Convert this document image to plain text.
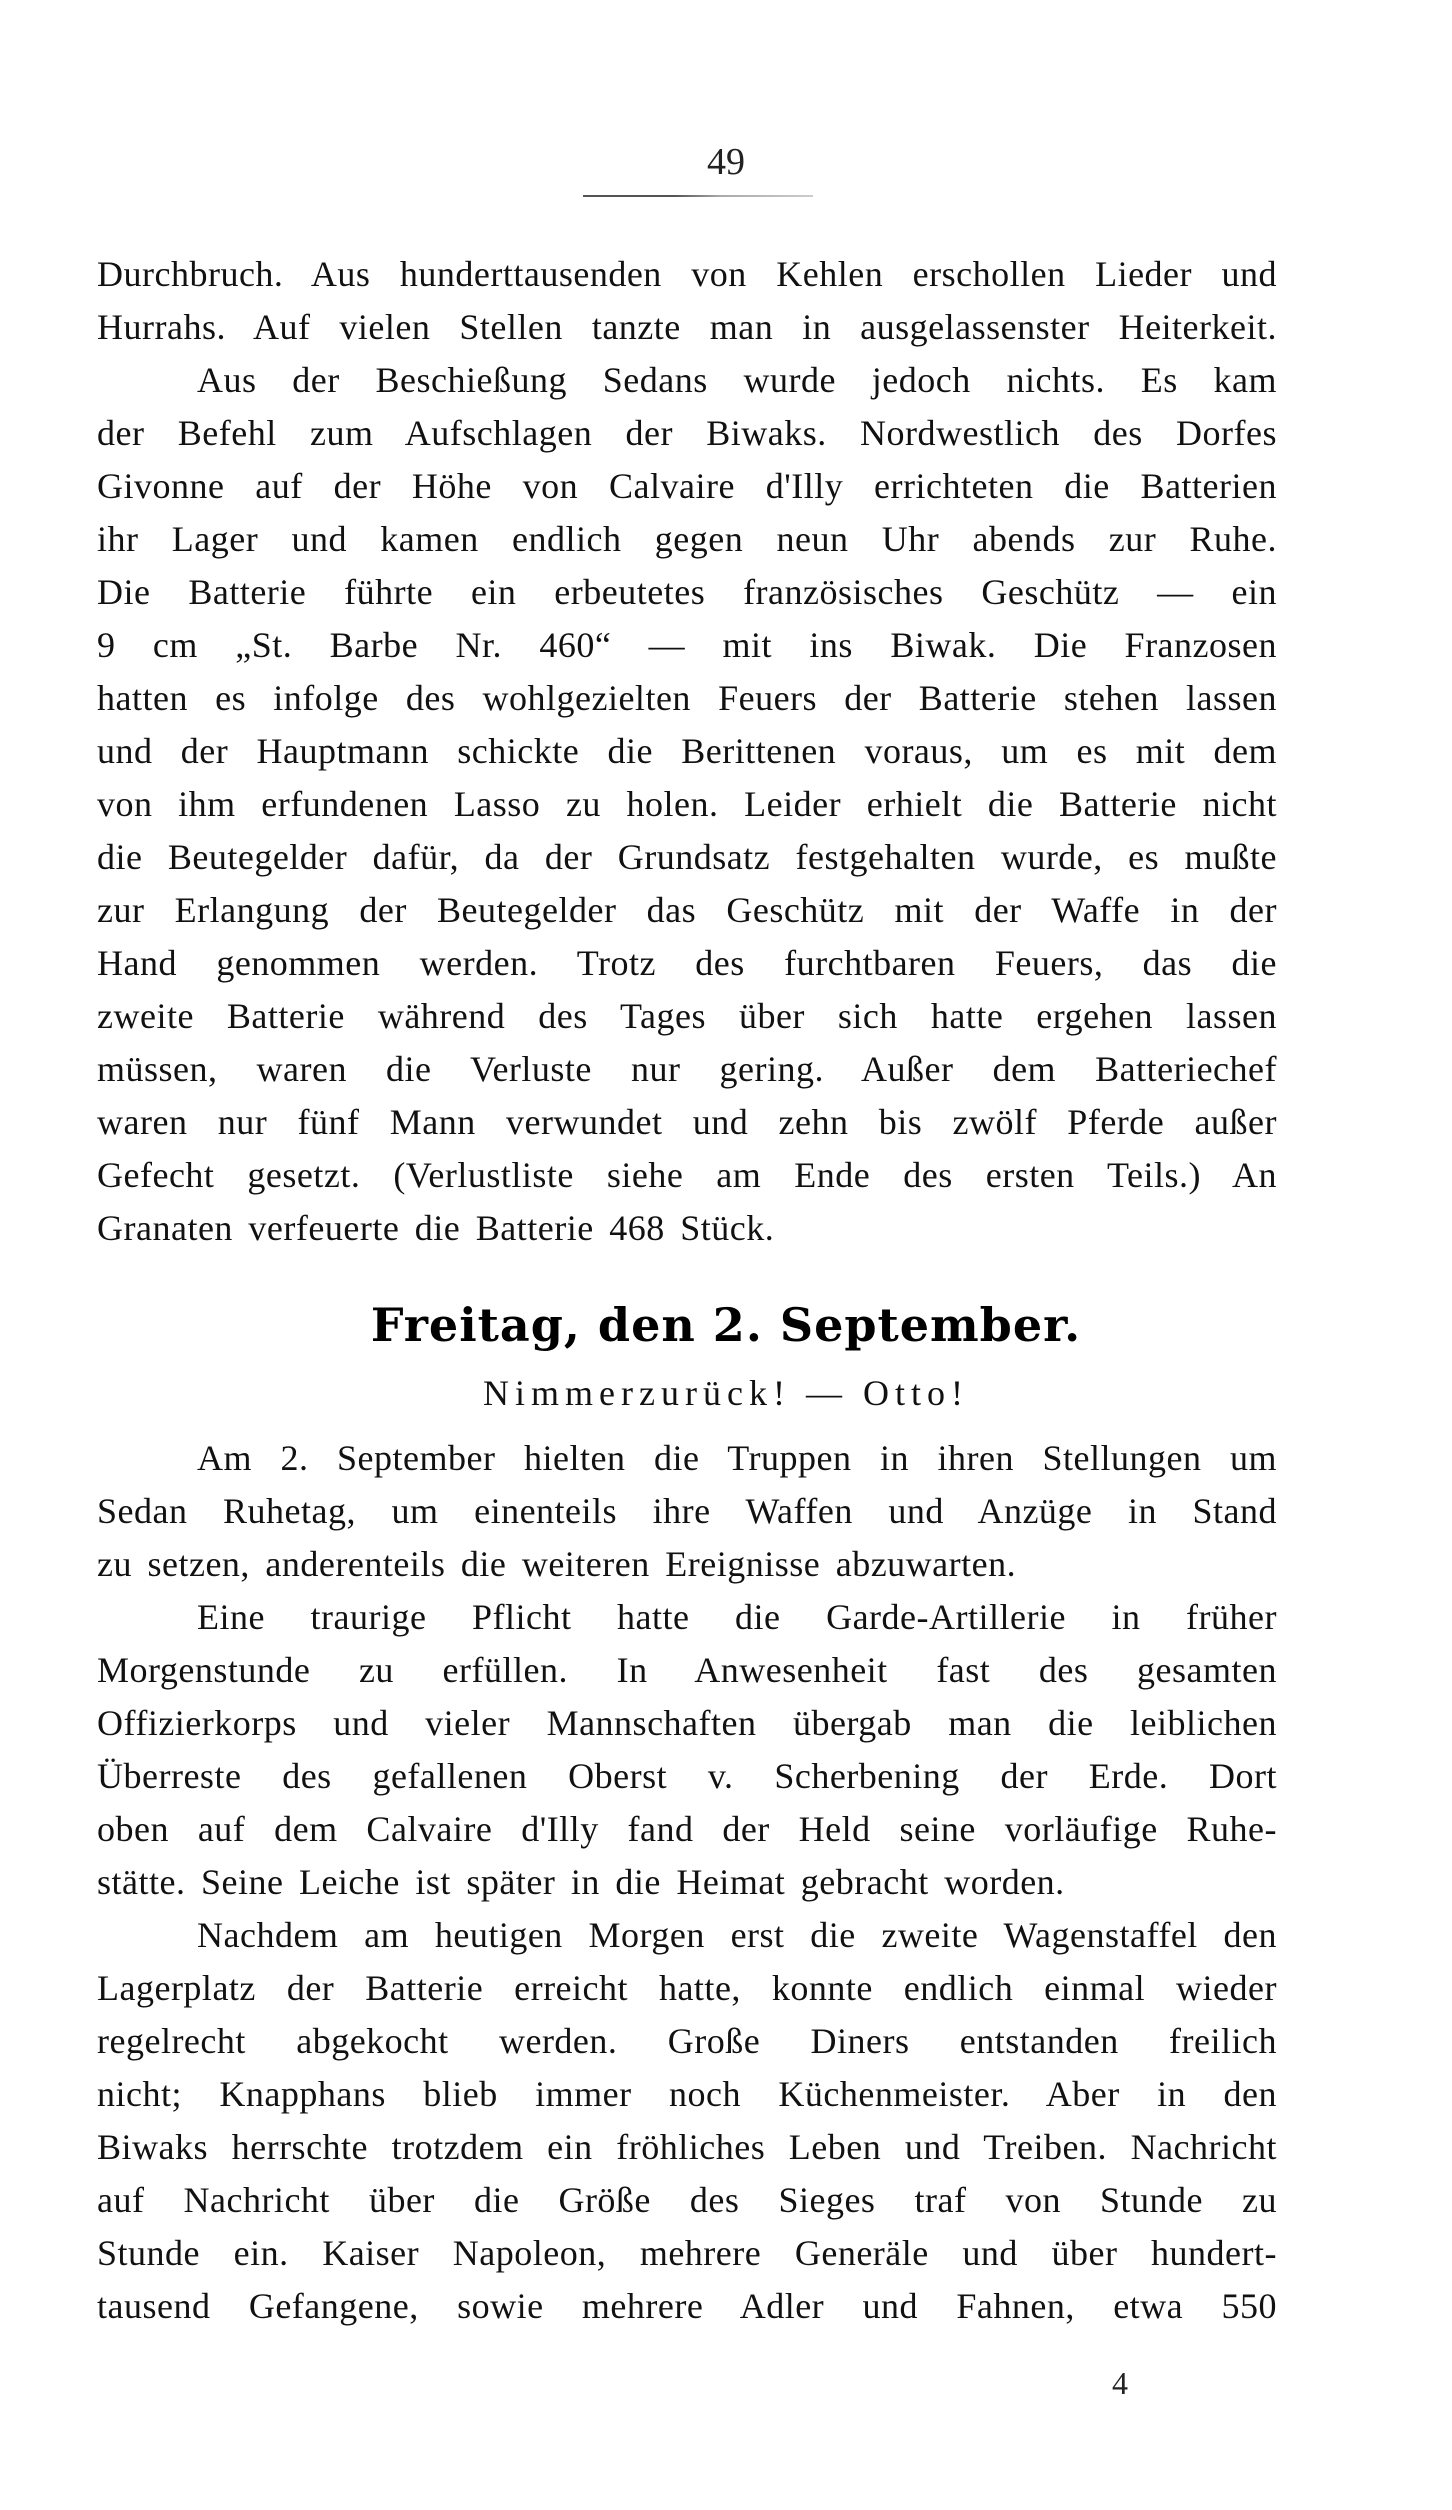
49
Durchbruch. Aus hunderttausenden von Kehlen erschollen Lieder und
Hurrahs. Auf vielen Stellen tanzte man in ausgelassenster Heiterkeit.
Aus der Beschießung Sedans wurde jedoch nichts. Es kam
der Befehl zum Aufschlagen der Biwaks. Nordwestlich des Dorfes
Givonne auf der Höhe von Calvaire d'Illy errichteten die Batterien
ihr Lager und kamen endlich gegen neun Uhr abends zur Ruhe.
Die Batterie führte ein erbeutetes französisches Geschütz — ein
9 cm „St. Barbe Nr. 460“ — mit ins Biwak. Die Franzosen
hatten es infolge des wohlgezielten Feuers der Batterie stehen lassen
und der Hauptmann schickte die Berittenen voraus, um es mit dem
von ihm erfundenen Lasso zu holen. Leider erhielt die Batterie nicht
die Beutegelder dafür, da der Grundsatz festgehalten wurde, es mußte
zur Erlangung der Beutegelder das Geschütz mit der Waffe in der
Hand genommen werden. Trotz des furchtbaren Feuers, das die
zweite Batterie während des Tages über sich hatte ergehen lassen
müssen, waren die Verluste nur gering. Außer dem Batteriechef
waren nur fünf Mann verwundet und zehn bis zwölf Pferde außer
Gefecht gesetzt. (Verlustliste siehe am Ende des ersten Teils.) An
Granaten verfeuerte die Batterie 468 Stück.
Freitag, den 2. September.
Nimmerzurück! — Otto!
Am 2. September hielten die Truppen in ihren Stellungen um
Sedan Ruhetag, um einenteils ihre Waffen und Anzüge in Stand
zu setzen, anderenteils die weiteren Ereignisse abzuwarten.
Eine traurige Pflicht hatte die Garde-Artillerie in früher
Morgenstunde zu erfüllen. In Anwesenheit fast des gesamten
Offizierkorps und vieler Mannschaften übergab man die leiblichen
Überreste des gefallenen Oberst v. Scherbening der Erde. Dort
oben auf dem Calvaire d'Illy fand der Held seine vorläufige Ruhe-
stätte. Seine Leiche ist später in die Heimat gebracht worden.
Nachdem am heutigen Morgen erst die zweite Wagenstaffel den
Lagerplatz der Batterie erreicht hatte, konnte endlich einmal wieder
regelrecht abgekocht werden. Große Diners entstanden freilich
nicht; Knapphans blieb immer noch Küchenmeister. Aber in den
Biwaks herrschte trotzdem ein fröhliches Leben und Treiben. Nachricht
auf Nachricht über die Größe des Sieges traf von Stunde zu
Stunde ein. Kaiser Napoleon, mehrere Generäle und über hundert-
tausend Gefangene, sowie mehrere Adler und Fahnen, etwa 550
4
